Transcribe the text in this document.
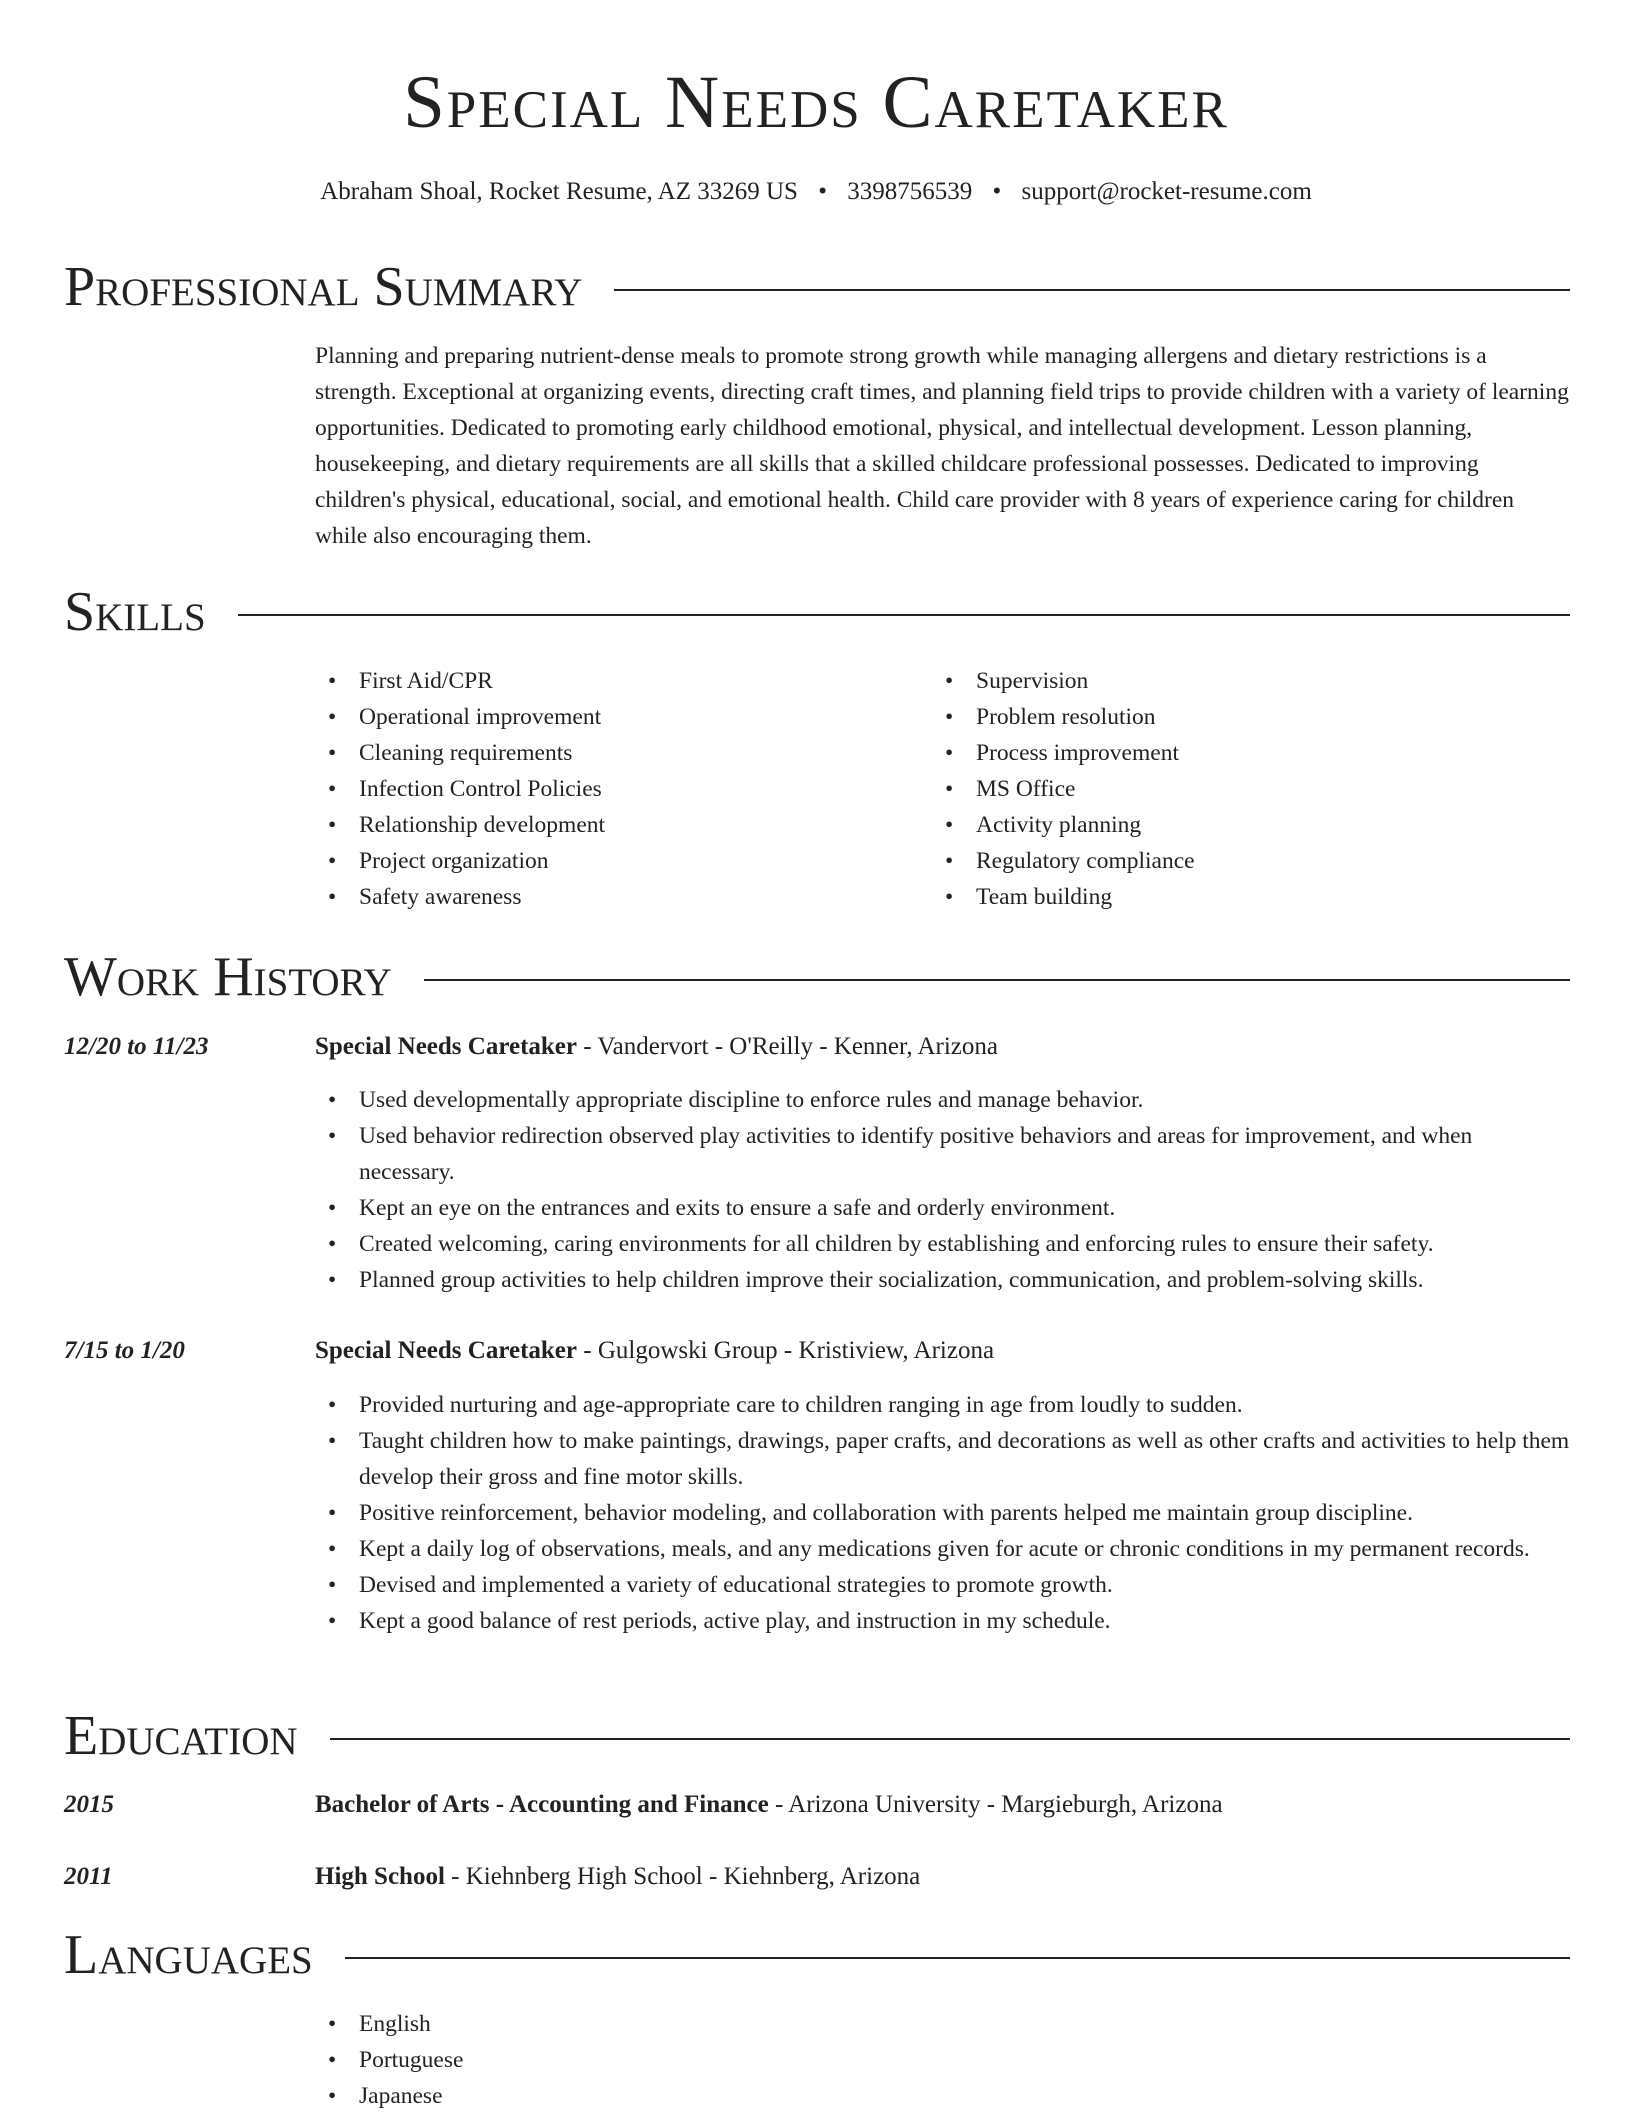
Special Needs Caretaker
Abraham Shoal, Rocket Resume, AZ 33269 US • 3398756539 • support@rocket-resume.com
Professional Summary
Planning and preparing nutrient-dense meals to promote strong growth while managing allergens and dietary restrictions is a strength. Exceptional at organizing events, directing craft times, and planning field trips to provide children with a variety of learning opportunities. Dedicated to promoting early childhood emotional, physical, and intellectual development. Lesson planning, housekeeping, and dietary requirements are all skills that a skilled childcare professional possesses. Dedicated to improving children's physical, educational, social, and emotional health. Child care provider with 8 years of experience caring for children while also encouraging them.
Skills
• First Aid/CPR
• Operational improvement
• Cleaning requirements
• Infection Control Policies
• Relationship development
• Project organization
• Safety awareness
• Supervision
• Problem resolution
• Process improvement
• MS Office
• Activity planning
• Regulatory compliance
• Team building
Work History
12/20 to 11/23	Special Needs Caretaker - Vandervort - O'Reilly - Kenner, Arizona
• Used developmentally appropriate discipline to enforce rules and manage behavior.
• Used behavior redirection observed play activities to identify positive behaviors and areas for improvement, and when necessary.
• Kept an eye on the entrances and exits to ensure a safe and orderly environment.
• Created welcoming, caring environments for all children by establishing and enforcing rules to ensure their safety.
• Planned group activities to help children improve their socialization, communication, and problem-solving skills.
7/15 to 1/20	Special Needs Caretaker - Gulgowski Group - Kristiview, Arizona
• Provided nurturing and age-appropriate care to children ranging in age from loudly to sudden.
• Taught children how to make paintings, drawings, paper crafts, and decorations as well as other crafts and activities to help them develop their gross and fine motor skills.
• Positive reinforcement, behavior modeling, and collaboration with parents helped me maintain group discipline.
• Kept a daily log of observations, meals, and any medications given for acute or chronic conditions in my permanent records.
• Devised and implemented a variety of educational strategies to promote growth.
• Kept a good balance of rest periods, active play, and instruction in my schedule.
Education
2015	Bachelor of Arts - Accounting and Finance - Arizona University - Margieburgh, Arizona
2011	High School - Kiehnberg High School - Kiehnberg, Arizona
Languages
• English
• Portuguese
• Japanese
